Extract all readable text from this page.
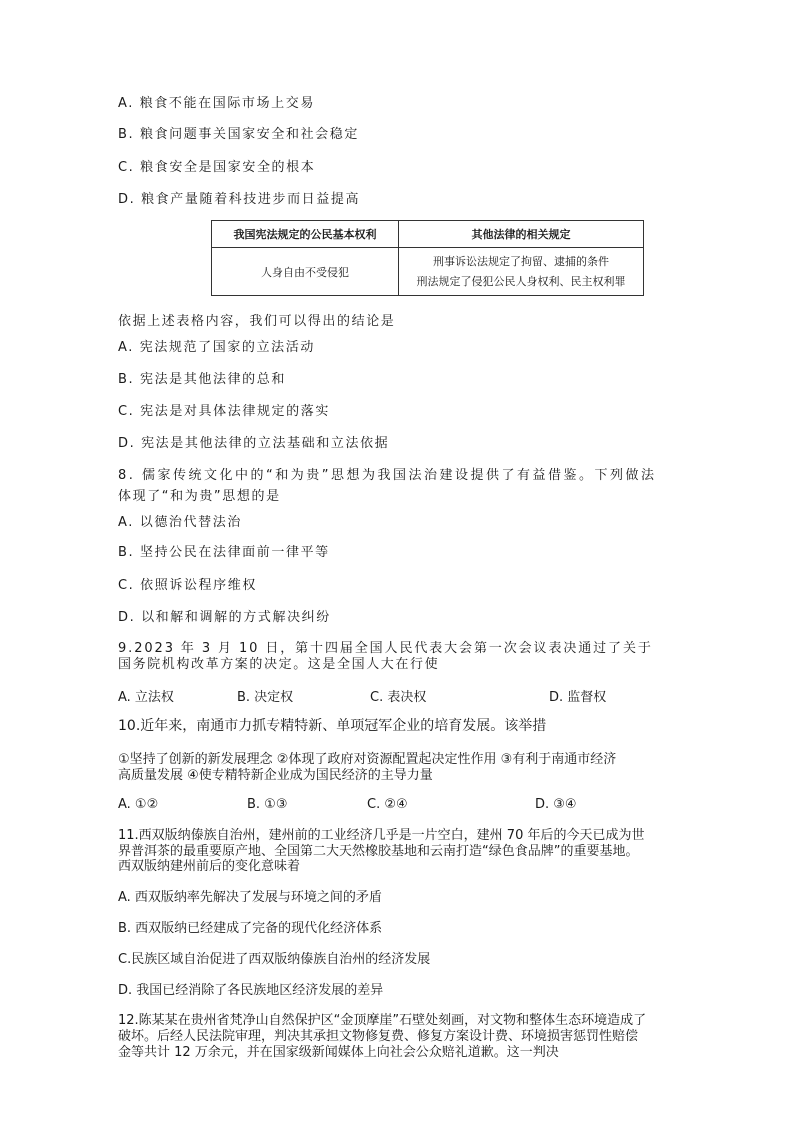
A. 粮食不能在国际市场上交易
B. 粮食问题事关国家安全和社会稳定
C. 粮食安全是国家安全的根本
D. 粮食产量随着科技进步而日益提高
我国宪法规定的公民基本权利	其他法律的相关规定
人身自由不受侵犯	刑事诉讼法规定了拘留、逮捕的条件
刑法规定了侵犯公民人身权利、民主权利罪
依据上述表格内容，我们可以得出的结论是
A. 宪法规范了国家的立法活动
B. 宪法是其他法律的总和
C. 宪法是对具体法律规定的落实
D. 宪法是其他法律的立法基础和立法依据
8. 儒家传统文化中的“和为贵”思想为我国法治建设提供了有益借鉴。下列做法
体现了“和为贵”思想的是
A. 以德治代替法治
B. 坚持公民在法律面前一律平等
C. 依照诉讼程序维权
D. 以和解和调解的方式解决纠纷
9.2023 年 3 月 10 日，第十四届全国人民代表大会第一次会议表决通过了关于
国务院机构改革方案的决定。这是全国人大在行使
A. 立法权	B. 决定权	C. 表决权	D. 监督权
10.近年来，南通市力抓专精特新、单项冠军企业的培育发展。该举措
①坚持了创新的新发展理念 ②体现了政府对资源配置起决定性作用 ③有利于南通市经济
高质量发展 ④使专精特新企业成为国民经济的主导力量
A. ①②	B. ①③	C. ②④	D. ③④
11.西双版纳傣族自治州，建州前的工业经济几乎是一片空白，建州 70 年后的今天已成为世
界普洱茶的最重要原产地、全国第二大天然橡胶基地和云南打造“绿色食品牌”的重要基地。
西双版纳建州前后的变化意味着
A. 西双版纳率先解决了发展与环境之间的矛盾
B. 西双版纳已经建成了完备的现代化经济体系
C.民族区域自治促进了西双版纳傣族自治州的经济发展
D. 我国已经消除了各民族地区经济发展的差异
12.陈某某在贵州省梵净山自然保护区“金顶摩崖”石壁处刻画，对文物和整体生态环境造成了
破坏。后经人民法院审理，判决其承担文物修复费、修复方案设计费、环境损害惩罚性赔偿
金等共计 12 万余元，并在国家级新闻媒体上向社会公众赔礼道歉。这一判决
